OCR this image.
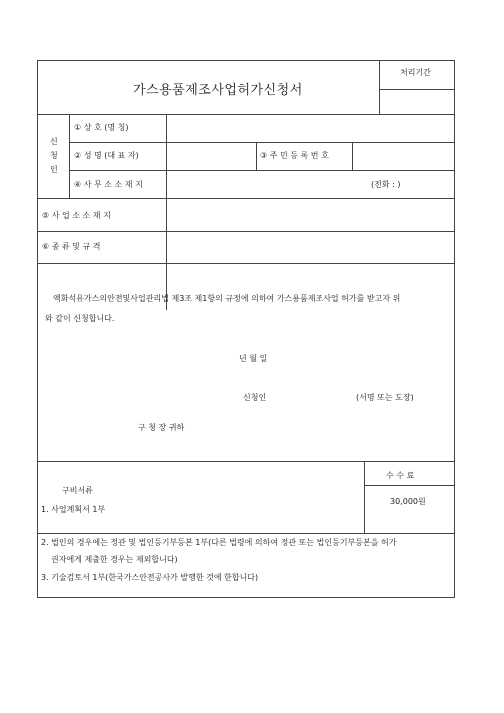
가스용품제조사업허가신청서
처리기간
신
청
인
① 상 호 (명 칭)
② 성 명 (대 표 자)	③ 주 민 등 록 번 호
④ 사 무 소 소 재 지	(전화 : )
⑤ 사 업 소 소 재 지
⑥ 종 류 및 규 격
액화석유가스의안전및사업관리법 제3조 제1항의 규정에 의하여 가스용품제조사업 허가를 받고자 위
와 같이 신청합니다.
년 월 일
신청인	(서명 또는 도장)
구 청 장 귀하
구비서류
1. 사업계획서 1부
수 수 료
30,000원
2. 법인의 경우에는 정관 및 법인등기부등본 1부(다른 법령에 의하여 정관 또는 법인등기부등본을 허가
권자에게 제출한 경우는 제외합니다)
3. 기술검토서 1부(한국가스안전공사가 발행한 것에 한합니다)
